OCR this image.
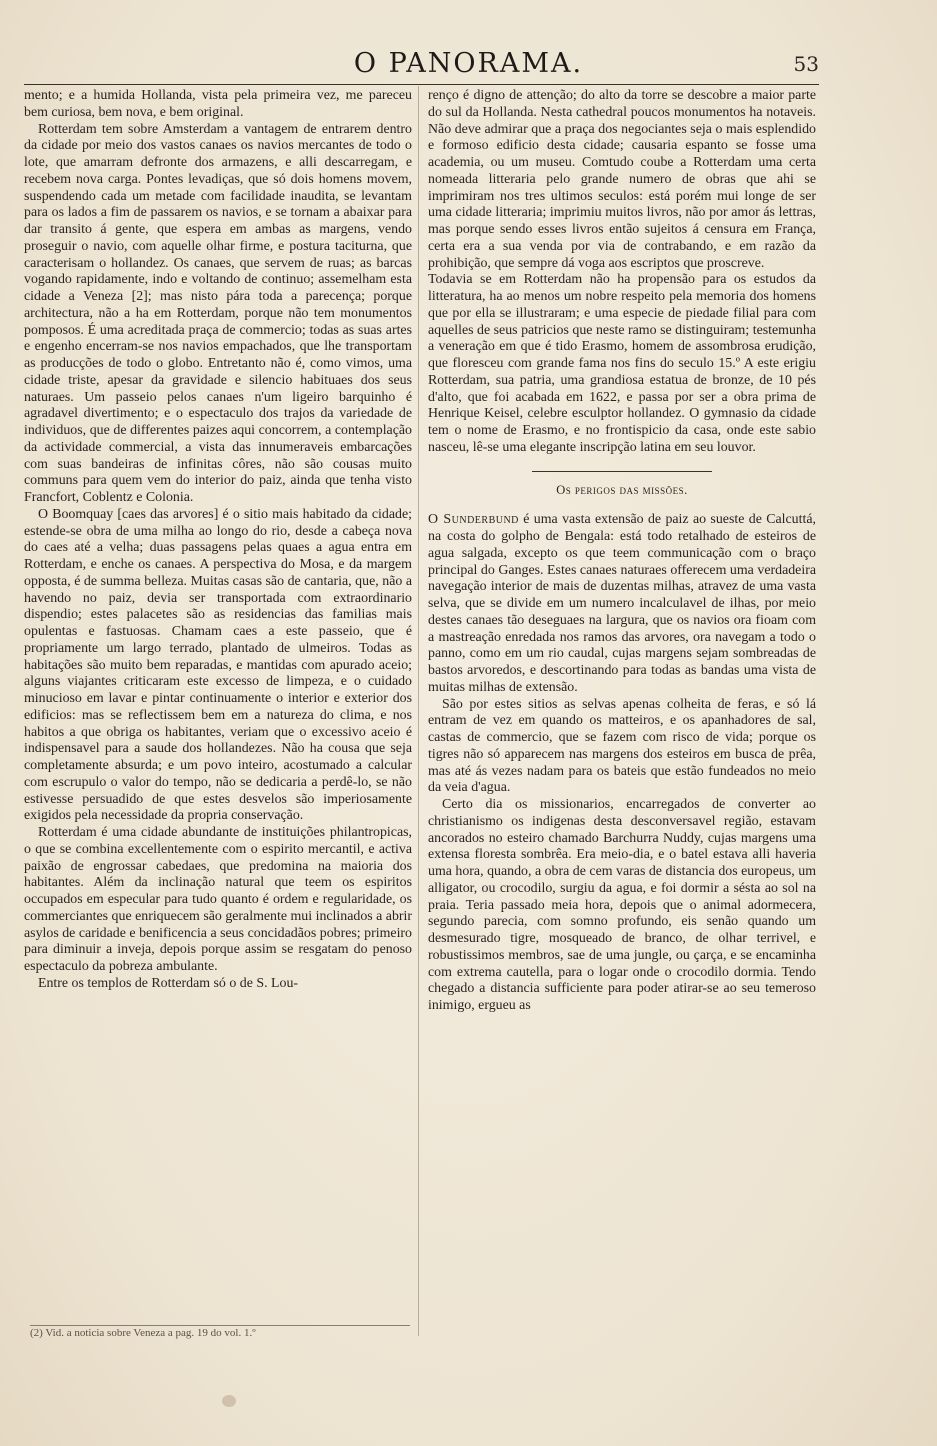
O PANORAMA.	53

mento; e a humida Hollanda, vista pela primeira vez, me pareceu bem curiosa, bem nova, e bem original.

Rotterdam tem sobre Amsterdam a vantagem de entrarem dentro da cidade por meio dos vastos canaes os navios mercantes de todo o lote, que amarram defronte dos armazens, e alli descarregam, e recebem nova carga. Pontes levadiças, que só dois homens movem, suspendendo cada um metade com facilidade inaudita, se levantam para os lados a fim de passarem os navios, e se tornam a abaixar para dar transito á gente, que espera em ambas as margens, vendo proseguir o navio, com aquelle olhar firme, e postura taciturna, que caracterisam o hollandez. Os canaes, que servem de ruas; as barcas vogando rapidamente, indo e voltando de continuo; assemelham esta cidade a Veneza [2]; mas nisto pára toda a parecença; porque architectura, não a ha em Rotterdam, porque não tem monumentos pomposos. É uma acreditada praça de commercio; todas as suas artes e engenho encerram-se nos navios empachados, que lhe transportam as producções de todo o globo. Entretanto não é, como vimos, uma cidade triste, apesar da gravidade e silencio habituaes dos seus naturaes. Um passeio pelos canaes n'um ligeiro barquinho é agradavel divertimento; e o espectaculo dos trajos da variedade de individuos, que de differentes paizes aqui concorrem, a contemplação da actividade commercial, a vista das innumeraveis embarcações com suas bandeiras de infinitas côres, não são cousas muito communs para quem vem do interior do paiz, ainda que tenha visto Francfort, Coblentz e Colonia.

O Boomquay [caes das arvores] é o sitio mais habitado da cidade; estende-se obra de uma milha ao longo do rio, desde a cabeça nova do caes até a velha; duas passagens pelas quaes a agua entra em Rotterdam, e enche os canaes. A perspectiva do Mosa, e da margem opposta, é de summa belleza. Muitas casas são de cantaria, que, não a havendo no paiz, devia ser transportada com extraordinario dispendio; estes palacetes são as residencias das familias mais opulentas e fastuosas. Chamam caes a este passeio, que é propriamente um largo terrado, plantado de ulmeiros. Todas as habitações são muito bem reparadas, e mantidas com apurado aceio; alguns viajantes criticaram este excesso de limpeza, e o cuidado minucioso em lavar e pintar continuamente o interior e exterior dos edificios: mas se reflectissem bem em a natureza do clima, e nos habitos a que obriga os habitantes, veriam que o excessivo aceio é indispensavel para a saude dos hollandezes. Não ha cousa que seja completamente absurda; e um povo inteiro, acostumado a calcular com escrupulo o valor do tempo, não se dedicaria a perdê-lo, se não estivesse persuadido de que estes desvelos são imperiosamente exigidos pela necessidade da propria conservação.

Rotterdam é uma cidade abundante de instituições philantropicas, o que se combina excellentemente com o espirito mercantil, e activa paixão de engrossar cabedaes, que predomina na maioria dos habitantes. Além da inclinação natural que teem os espiritos occupados em especular para tudo quanto é ordem e regularidade, os commerciantes que enriquecem são geralmente mui inclinados a abrir asylos de caridade e benificencia a seus concidadãos pobres; primeiro para diminuir a inveja, depois porque assim se resgatam do penoso espectaculo da pobreza ambulante.

Entre os templos de Rotterdam só o de S. Lou-

(2) Vid. a noticia sobre Veneza a pag. 19 do vol. 1.º

renço é digno de attenção; do alto da torre se descobre a maior parte do sul da Hollanda. Nesta cathedral poucos monumentos ha notaveis. Não deve admirar que a praça dos negociantes seja o mais esplendido e formoso edificio desta cidade; causaria espanto se fosse uma academia, ou um museu. Comtudo coube a Rotterdam uma certa nomeada litteraria pelo grande numero de obras que ahi se imprimiram nos tres ultimos seculos: está porém mui longe de ser uma cidade litteraria; imprimiu muitos livros, não por amor ás lettras, mas porque sendo esses livros então sujeitos á censura em França, certa era a sua venda por via de contrabando, e em razão da prohibição, que sempre dá voga aos escriptos que proscreve.

Todavia se em Rotterdam não ha propensão para os estudos da litteratura, ha ao menos um nobre respeito pela memoria dos homens que por ella se illustraram; e uma especie de piedade filial para com aquelles de seus patricios que neste ramo se distinguiram; testemunha a veneração em que é tido Erasmo, homem de assombrosa erudição, que floresceu com grande fama nos fins do seculo 15.º A este erigiu Rotterdam, sua patria, uma grandiosa estatua de bronze, de 10 pés d'alto, que foi acabada em 1622, e passa por ser a obra prima de Henrique Keisel, celebre esculptor hollandez. O gymnasio da cidade tem o nome de Erasmo, e no frontispicio da casa, onde este sabio nasceu, lê-se uma elegante inscripção latina em seu louvor.

Os perigos das missões.

O Sunderbund é uma vasta extensão de paiz ao sueste de Calcuttá, na costa do golpho de Bengala: está todo retalhado de esteiros de agua salgada, excepto os que teem communicação com o braço principal do Ganges. Estes canaes naturaes offerecem uma verdadeira navegação interior de mais de duzentas milhas, atravez de uma vasta selva, que se divide em um numero incalculavel de ilhas, por meio destes canaes tão deseguaes na largura, que os navios ora fioam com a mastreação enredada nos ramos das arvores, ora navegam a todo o panno, como em um rio caudal, cujas margens sejam sombreadas de bastos arvoredos, e descortinando para todas as bandas uma vista de muitas milhas de extensão.

São por estes sitios as selvas apenas colheita de feras, e só lá entram de vez em quando os matteiros, e os apanhadores de sal, castas de commercio, que se fazem com risco de vida; porque os tigres não só apparecem nas margens dos esteiros em busca de prêa, mas até ás vezes nadam para os bateis que estão fundeados no meio da veia d'agua.

Certo dia os missionarios, encarregados de converter ao christianismo os indigenas desta desconversavel região, estavam ancorados no esteiro chamado Barchurra Nuddy, cujas margens uma extensa floresta sombrêa. Era meio-dia, e o batel estava alli haveria uma hora, quando, a obra de cem varas de distancia dos europeus, um alligator, ou crocodilo, surgiu da agua, e foi dormir a sésta ao sol na praia. Teria passado meia hora, depois que o animal adormecera, segundo parecia, com somno profundo, eis senão quando um desmesurado tigre, mosqueado de branco, de olhar terrivel, e robustissimos membros, sae de uma jungle, ou çarça, e se encaminha com extrema cautella, para o logar onde o crocodilo dormia. Tendo chegado a distancia sufficiente para poder atirar-se ao seu temeroso inimigo, ergueu as
